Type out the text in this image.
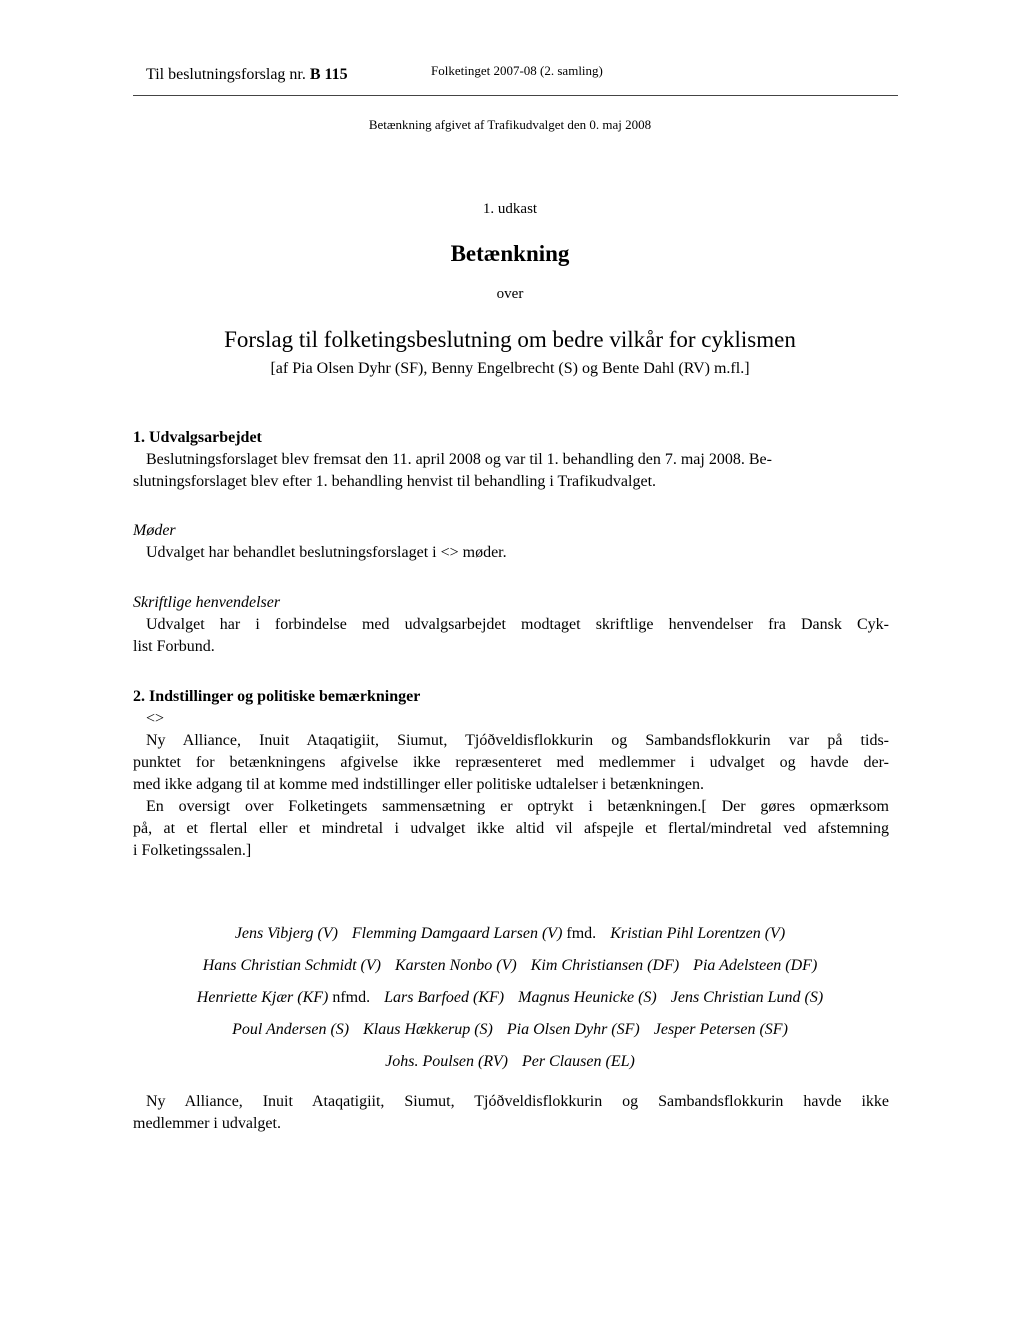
Til beslutningsforslag nr. B 115	Folketinget 2007-08 (2. samling)
Betænkning afgivet af Trafikudvalget den 0. maj 2008
1. udkast
Betænkning
over
Forslag til folketingsbeslutning om bedre vilkår for cyklismen
[af Pia Olsen Dyhr (SF), Benny Engelbrecht (S) og Bente Dahl (RV) m.fl.]
1. Udvalgsarbejdet
Beslutningsforslaget blev fremsat den 11. april 2008 og var til 1. behandling den 7. maj 2008. Be-
slutningsforslaget blev efter 1. behandling henvist til behandling i Trafikudvalget.
Møder
Udvalget har behandlet beslutningsforslaget i <> møder.
Skriftlige henvendelser
Udvalget har i forbindelse med udvalgsarbejdet modtaget skriftlige henvendelser fra Dansk Cyk-
list Forbund.
2. Indstillinger og politiske bemærkninger
<>
Ny Alliance, Inuit Ataqatigiit, Siumut, Tjóðveldisflokkurin og Sambandsflokkurin var på tids-
punktet for betænkningens afgivelse ikke repræsenteret med medlemmer i udvalget og havde der-
med ikke adgang til at komme med indstillinger eller politiske udtalelser i betænkningen.
En oversigt over Folketingets sammensætning er optrykt i betænkningen.[ Der gøres opmærksom
på, at et flertal eller et mindretal i udvalget ikke altid vil afspejle et flertal/mindretal ved afstemning
i Folketingssalen.]
Jens Vibjerg (V) Flemming Damgaard Larsen (V) fmd. Kristian Pihl Lorentzen (V)
Hans Christian Schmidt (V) Karsten Nonbo (V) Kim Christiansen (DF) Pia Adelsteen (DF)
Henriette Kjær (KF) nfmd. Lars Barfoed (KF) Magnus Heunicke (S) Jens Christian Lund (S)
Poul Andersen (S) Klaus Hækkerup (S) Pia Olsen Dyhr (SF) Jesper Petersen (SF)
Johs. Poulsen (RV) Per Clausen (EL)
Ny Alliance, Inuit Ataqatigiit, Siumut, Tjóðveldisflokkurin og Sambandsflokkurin havde ikke
medlemmer i udvalget.
